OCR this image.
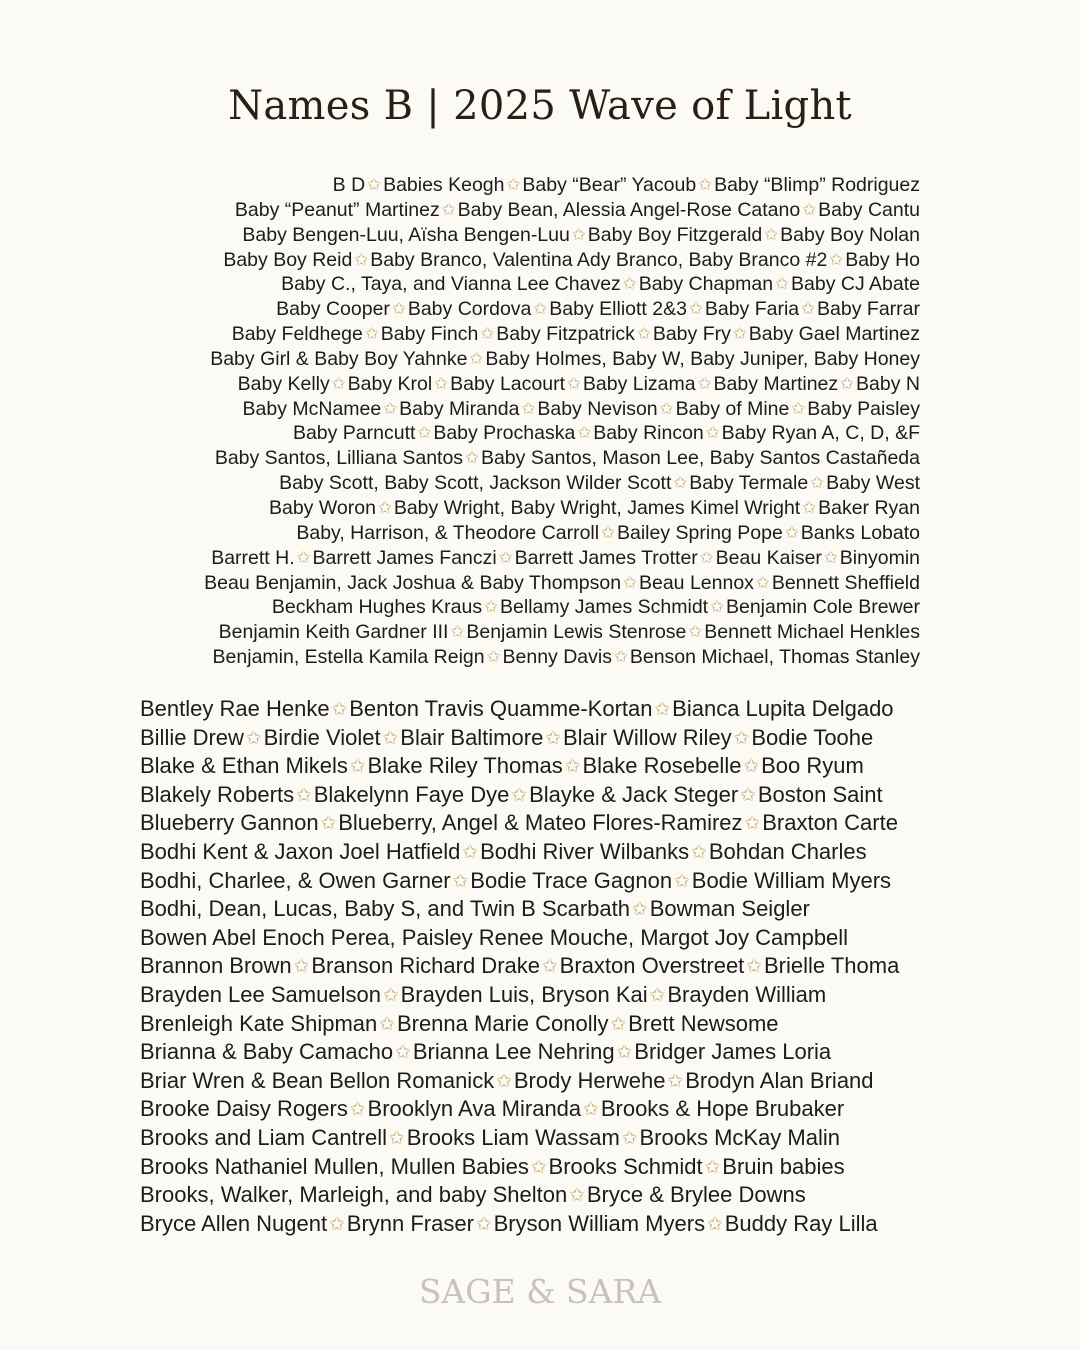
Names B | 2025 Wave of Light
B D ✩ Babies Keogh ✩ Baby “Bear” Yacoub ✩ Baby “Blimp” Rodriguez
Baby “Peanut” Martinez ✩ Baby Bean, Alessia Angel-Rose Catano ✩ Baby Cantu
Baby Bengen-Luu, Aïsha Bengen-Luu ✩ Baby Boy Fitzgerald ✩ Baby Boy Nolan
Baby Boy Reid ✩ Baby Branco, Valentina Ady Branco, Baby Branco #2 ✩ Baby Ho
Baby C., Taya, and Vianna Lee Chavez ✩ Baby Chapman ✩ Baby CJ Abate
Baby Cooper ✩ Baby Cordova ✩ Baby Elliott 2&3 ✩ Baby Faria ✩ Baby Farrar
Baby Feldhege ✩ Baby Finch ✩ Baby Fitzpatrick ✩ Baby Fry ✩ Baby Gael Martinez
Baby Girl & Baby Boy Yahnke ✩ Baby Holmes, Baby W, Baby Juniper, Baby Honey
Baby Kelly ✩ Baby Krol ✩ Baby Lacourt ✩ Baby Lizama ✩ Baby Martinez ✩ Baby N
Baby McNamee ✩ Baby Miranda ✩ Baby Nevison ✩ Baby of Mine ✩ Baby Paisley
Baby Parncutt ✩ Baby Prochaska ✩ Baby Rincon ✩ Baby Ryan A, C, D, &F
Baby Santos, Lilliana Santos ✩ Baby Santos, Mason Lee, Baby Santos Castañeda
Baby Scott, Baby Scott, Jackson Wilder Scott ✩ Baby Termale ✩ Baby West
Baby Woron ✩ Baby Wright, Baby Wright, James Kimel Wright ✩ Baker Ryan
Baby, Harrison, & Theodore Carroll ✩ Bailey Spring Pope ✩ Banks Lobato
Barrett H. ✩ Barrett James Fanczi ✩ Barrett James Trotter ✩ Beau Kaiser ✩ Binyomin
Beau Benjamin, Jack Joshua & Baby Thompson ✩ Beau Lennox ✩ Bennett Sheffield
Beckham Hughes Kraus ✩ Bellamy James Schmidt ✩ Benjamin Cole Brewer
Benjamin Keith Gardner III ✩ Benjamin Lewis Stenrose ✩ Bennett Michael Henkles
Benjamin, Estella Kamila Reign ✩ Benny Davis ✩ Benson Michael, Thomas Stanley
Bentley Rae Henke ✩Benton Travis Quamme-Kortan ✩Bianca Lupita Delgado
Billie Drew ✩Birdie Violet ✩Blair Baltimore ✩Blair Willow Riley ✩Bodie Toohe
Blake & Ethan Mikels ✩Blake Riley Thomas ✩Blake Rosebelle ✩Boo Ryum
Blakely Roberts ✩Blakelynn Faye Dye ✩Blayke & Jack Steger ✩Boston Saint
Blueberry Gannon ✩Blueberry, Angel & Mateo Flores-Ramirez ✩Braxton Carte
Bodhi Kent & Jaxon Joel Hatfield ✩Bodhi River Wilbanks ✩Bohdan Charles
Bodhi, Charlee, & Owen Garner ✩Bodie Trace Gagnon ✩Bodie William Myers
Bodhi, Dean, Lucas, Baby S, and Twin B Scarbath ✩Bowman Seigler
Bowen Abel Enoch Perea, Paisley Renee Mouche, Margot Joy Campbell
Brannon Brown ✩Branson Richard Drake ✩Braxton Overstreet ✩Brielle Thoma
Brayden Lee Samuelson ✩Brayden Luis, Bryson Kai ✩Brayden William
Brenleigh Kate Shipman ✩Brenna Marie Conolly ✩Brett Newsome
Brianna & Baby Camacho ✩Brianna Lee Nehring ✩Bridger James Loria
Briar Wren & Bean Bellon Romanick ✩Brody Herwehe ✩Brodyn Alan Briand
Brooke Daisy Rogers ✩Brooklyn Ava Miranda ✩Brooks & Hope Brubaker
Brooks and Liam Cantrell ✩Brooks Liam Wassam ✩Brooks McKay Malin
Brooks Nathaniel Mullen, Mullen Babies ✩Brooks Schmidt ✩Bruin babies
Brooks, Walker, Marleigh, and baby Shelton ✩Bryce & Brylee Downs
Bryce Allen Nugent ✩Brynn Fraser ✩Bryson William Myers ✩Buddy Ray Lilla
SAGE & SARA
